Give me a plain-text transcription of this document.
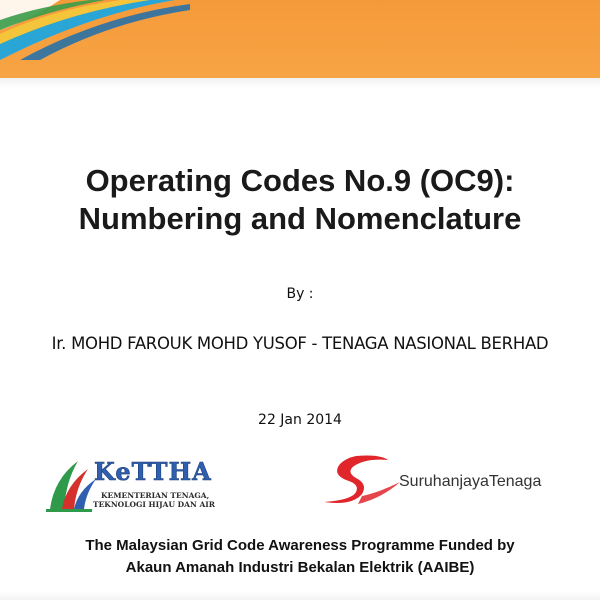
Operating Codes No.9 (OC9):
Numbering and Nomenclature
By :
Ir. MOHD FAROUK MOHD YUSOF - TENAGA NASIONAL BERHAD
22 Jan 2014
KeTTHA
KEMENTERIAN TENAGA,
TEKNOLOGI HIJAU DAN AIR
SuruhanjayaTenaga
The Malaysian Grid Code Awareness Programme Funded by
Akaun Amanah Industri Bekalan Elektrik (AAIBE)
